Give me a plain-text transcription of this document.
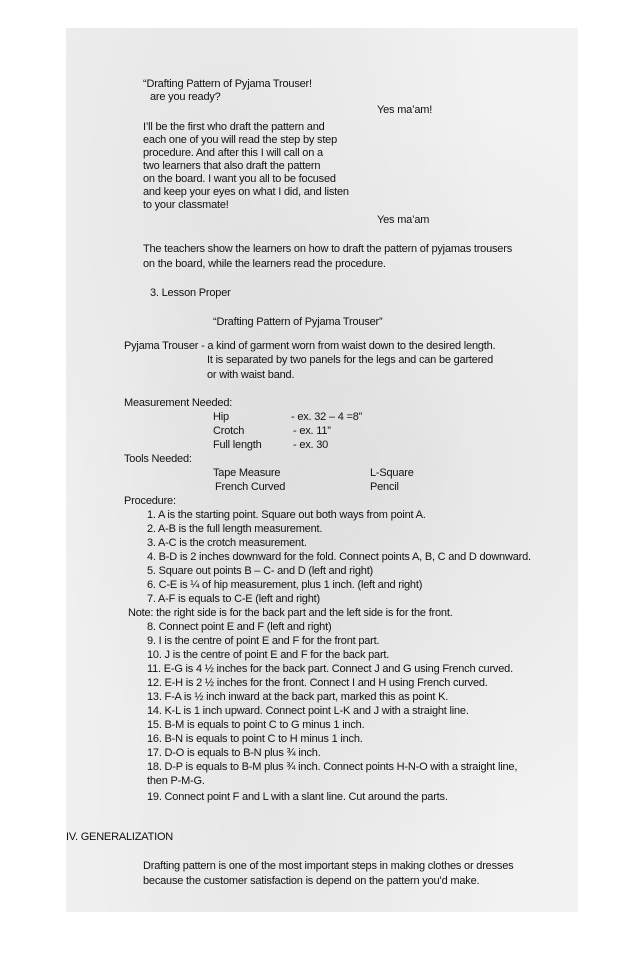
“Drafting Pattern of Pyjama Trouser!
are you ready?
Yes ma’am!
I’ll be the first who draft the pattern and
each one of you will read the step by step
procedure. And after this I will call on a
two learners that also draft the pattern
on the board. I want you all to be focused
and keep your eyes on what I did, and listen
to your classmate!
Yes ma’am
The teachers show the learners on how to draft the pattern of pyjamas trousers
on the board, while the learners read the procedure.
3. Lesson Proper
“Drafting Pattern of Pyjama Trouser”
Pyjama Trouser - a kind of garment worn from waist down to the desired length.
It is separated by two panels for the legs and can be gartered
or with waist band.
Measurement Needed:
Hip	- ex. 32 – 4 =8”
Crotch	- ex. 11”
Full length	- ex. 30
Tools Needed:
Tape Measure	L-Square
French Curved	Pencil
Procedure:
1. A is the starting point. Square out both ways from point A.
2. A-B is the full length measurement.
3. A-C is the crotch measurement.
4. B-D is 2 inches downward for the fold. Connect points A, B, C and D downward.
5. Square out points B – C- and D (left and right)
6. C-E is ¼ of hip measurement, plus 1 inch. (left and right)
7. A-F is equals to C-E (left and right)
Note: the right side is for the back part and the left side is for the front.
8. Connect point E and F (left and right)
9. I is the centre of point E and F for the front part.
10. J is the centre of point E and F for the back part.
11. E-G is 4 ½ inches for the back part. Connect J and G using French curved.
12. E-H is 2 ½ inches for the front. Connect I and H using French curved.
13. F-A is ½ inch inward at the back part, marked this as point K.
14. K-L is 1 inch upward. Connect point L-K and J with a straight line.
15. B-M is equals to point C to G minus 1 inch.
16. B-N is equals to point C to H minus 1 inch.
17. D-O is equals to B-N plus ¾ inch.
18. D-P is equals to B-M plus ¾ inch. Connect points H-N-O with a straight line,
then P-M-G.
19. Connect point F and L with a slant line. Cut around the parts.
IV. GENERALIZATION
Drafting pattern is one of the most important steps in making clothes or dresses
because the customer satisfaction is depend on the pattern you’d make.
